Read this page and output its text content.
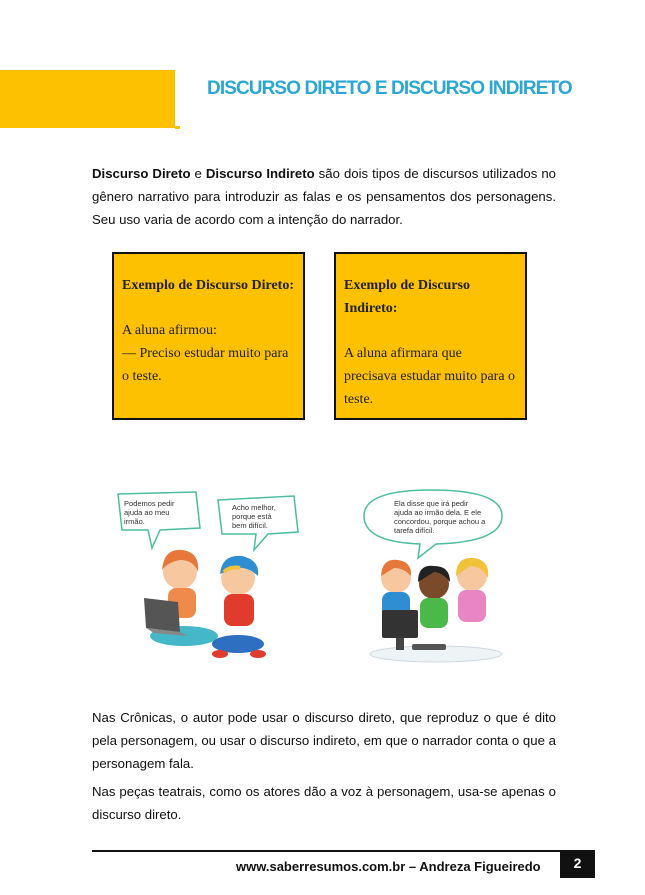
DISCURSO DIRETO E DISCURSO INDIRETO

Discurso Direto e Discurso Indireto são dois tipos de discursos utilizados no gênero narrativo para introduzir as falas e os pensamentos dos personagens. Seu uso varia de acordo com a intenção do narrador.

Exemplo de Discurso Direto:
A aluna afirmou:
— Preciso estudar muito para o teste.
Exemplo de Discurso Indireto:
A aluna afirmara que precisava estudar muito para o teste.
Podemos pedir
ajuda ao meu
irmão.
Acho melhor,
porque está
bem difícil.
Ela disse que irá pedir
ajuda ao irmão dela. E ele
concordou, porque achou a
tarefa difícil.

Nas Crônicas, o autor pode usar o discurso direto, que reproduz o que é dito pela personagem, ou usar o discurso indireto, em que o narrador conta o que a personagem fala.

Nas peças teatrais, como os atores dão a voz à personagem, usa-se apenas o discurso direto.

www.saberresumos.com.br – Andreza Figueiredo	2
